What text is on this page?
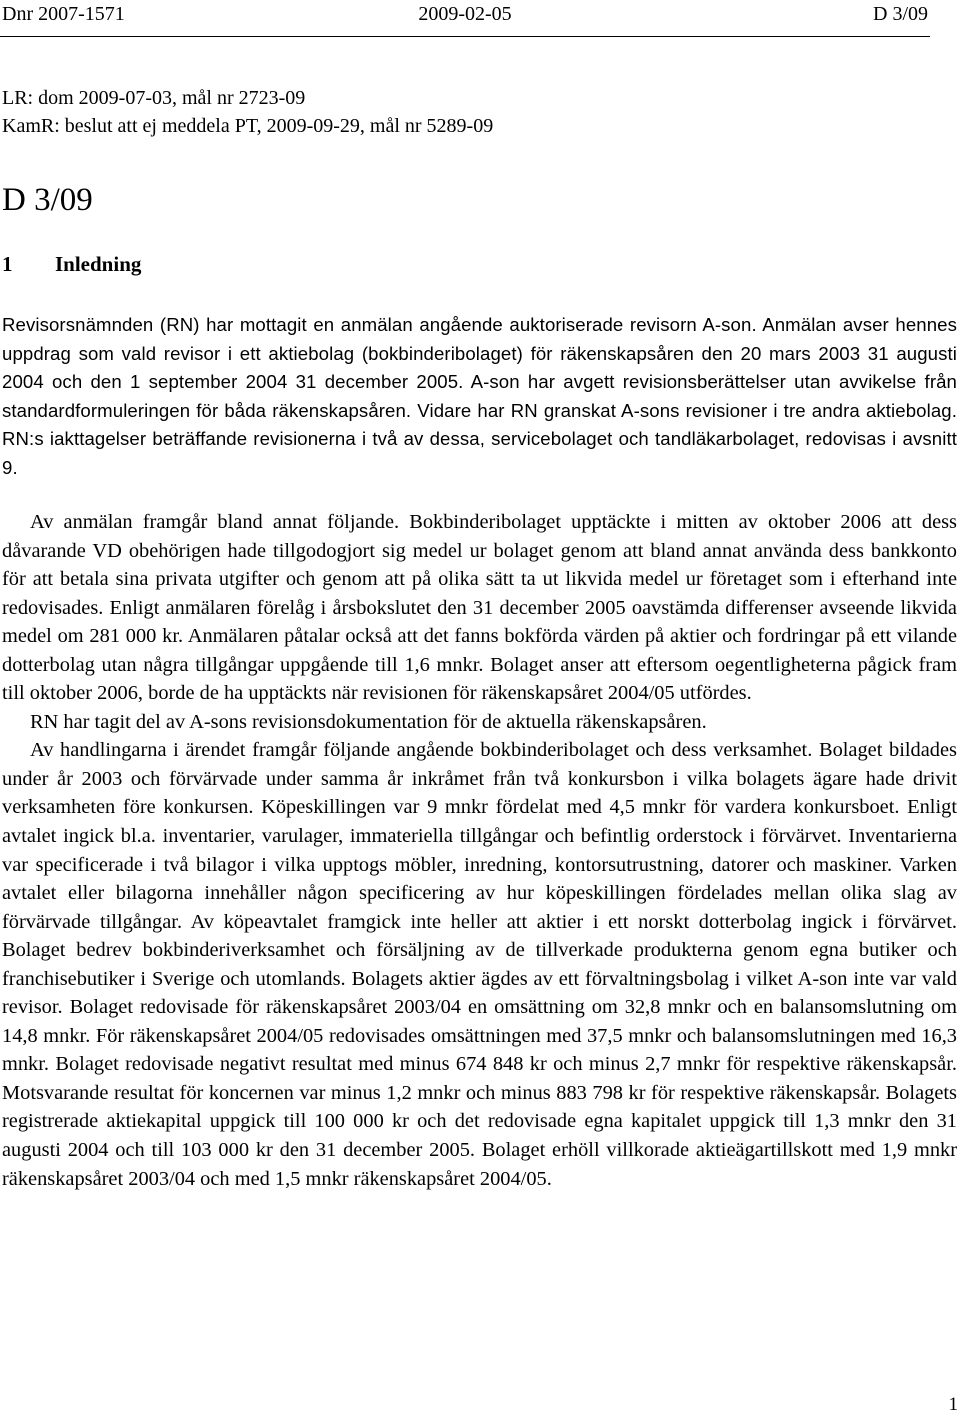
Dnr 2007-1571	2009-02-05	D 3/09
LR: dom 2009-07-03, mål nr 2723-09
KamR: beslut att ej meddela PT, 2009-09-29, mål nr 5289-09
D 3/09
1 Inledning

Revisorsnämnden (RN) har mottagit en anmälan angående auktoriserade revisorn A-son. Anmälan avser hennes uppdrag som vald revisor i ett aktiebolag (bokbinderibolaget) för räkenskapsåren den 20 mars 2003 31 augusti 2004 och den 1 september 2004 31 december 2005. A-son har avgett revisionsberättelser utan avvikelse från standardformuleringen för båda räkenskapsåren. Vidare har RN granskat A-sons revisioner i tre andra aktiebolag. RN:s iakttagelser beträffande revisionerna i två av dessa, servicebolaget och tandläkarbolaget, redovisas i avsnitt 9.

Av anmälan framgår bland annat följande. Bokbinderibolaget upptäckte i mitten av oktober 2006 att dess dåvarande VD obehörigen hade tillgodogjort sig medel ur bolaget genom att bland annat använda dess bankkonto för att betala sina privata utgifter och genom att på olika sätt ta ut likvida medel ur företaget som i efterhand inte redovisades. Enligt anmälaren förelåg i årsbokslutet den 31 december 2005 oavstämda differenser avseende likvida medel om 281 000 kr. Anmälaren påtalar också att det fanns bokförda värden på aktier och fordringar på ett vilande dotterbolag utan några tillgångar uppgående till 1,6 mnkr. Bolaget anser att eftersom oegentligheterna pågick fram till oktober 2006, borde de ha upptäckts när revisionen för räkenskapsåret 2004/05 utfördes.

RN har tagit del av A-sons revisionsdokumentation för de aktuella räkenskapsåren.

Av handlingarna i ärendet framgår följande angående bokbinderibolaget och dess verksamhet. Bolaget bildades under år 2003 och förvärvade under samma år inkråmet från två konkursbon i vilka bolagets ägare hade drivit verksamheten före konkursen. Köpeskillingen var 9 mnkr fördelat med 4,5 mnkr för vardera konkursboet. Enligt avtalet ingick bl.a. inventarier, varulager, immateriella tillgångar och befintlig orderstock i förvärvet. Inventarierna var specificerade i två bilagor i vilka upptogs möbler, inredning, kontorsutrustning, datorer och maskiner. Varken avtalet eller bilagorna innehåller någon specificering av hur köpeskillingen fördelades mellan olika slag av förvärvade tillgångar. Av köpeavtalet framgick inte heller att aktier i ett norskt dotterbolag ingick i förvärvet. Bolaget bedrev bokbinderiverksamhet och försäljning av de tillverkade produkterna genom egna butiker och franchisebutiker i Sverige och utomlands. Bolagets aktier ägdes av ett förvaltningsbolag i vilket A-son inte var vald revisor. Bolaget redovisade för räkenskapsåret 2003/04 en omsättning om 32,8 mnkr och en balansomslutning om 14,8 mnkr. För räkenskapsåret 2004/05 redovisades omsättningen med 37,5 mnkr och balansomslutningen med 16,3 mnkr. Bolaget redovisade negativt resultat med minus 674 848 kr och minus 2,7 mnkr för respektive räkenskapsår. Motsvarande resultat för koncernen var minus 1,2 mnkr och minus 883 798 kr för respektive räkenskapsår. Bolagets registrerade aktiekapital uppgick till 100 000 kr och det redovisade egna kapitalet uppgick till 1,3 mnkr den 31 augusti 2004 och till 103 000 kr den 31 december 2005. Bolaget erhöll villkorade aktieägartillskott med 1,9 mnkr räkenskapsåret 2003/04 och med 1,5 mnkr räkenskapsåret 2004/05.

1
